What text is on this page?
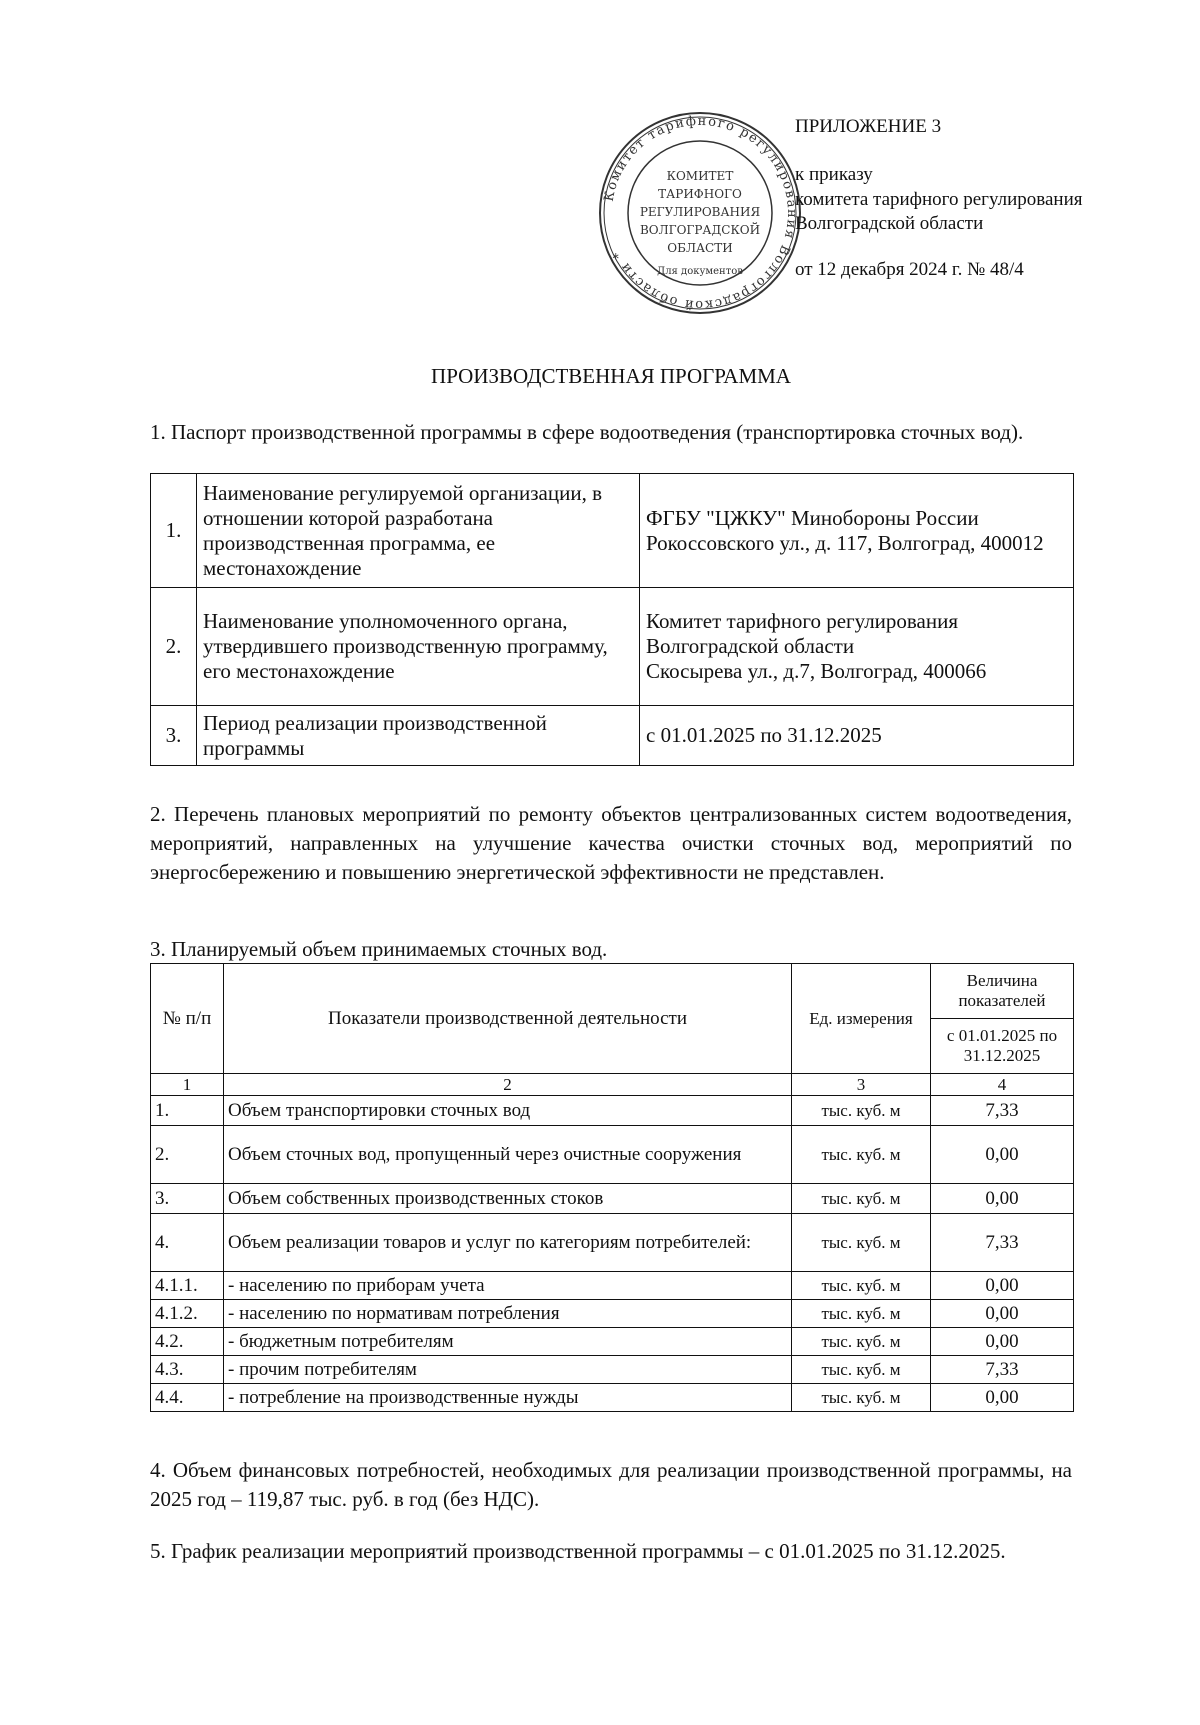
Комитет тарифного регулирования Волгоградской области *
КОМИТЕТ
ТАРИФНОГО
РЕГУЛИРОВАНИЯ
ВОЛГОГРАДСКОЙ
ОБЛАСТИ
Для документов
ПРИЛОЖЕНИЕ 3
к приказу
комитета тарифного регулирования
Волгоградской области
от 12 декабря 2024 г. № 48/4
ПРОИЗВОДСТВЕННАЯ ПРОГРАММА
1. Паспорт производственной программы в сфере водоотведения (транспортировка сточных вод).
1.	Наименование регулируемой организации, в отношении которой разработана производственная программа, ее местонахождение	ФГБУ "ЦЖКУ" Минобороны России
Рокоссовского ул., д. 117, Волгоград, 400012

2.	Наименование уполномоченного органа, утвердившего производственную программу, его местонахождение	Комитет тарифного регулирования
Волгоградской области
Скосырева ул., д.7, Волгоград, 400066

3.	Период реализации производственной программы	с 01.01.2025 по 31.12.2025
2. Перечень плановых мероприятий по ремонту объектов централизованных систем водоотведения, мероприятий, направленных на улучшение качества очистки сточных вод, мероприятий по энергосбережению и повышению энергетической эффективности не представлен.
3. Планируемый объем принимаемых сточных вод.
№ п/п	Показатели производственной деятельности	Ед. измерения	Величина показателей
			с 01.01.2025 по 31.12.2025
1	2	3	4
1.	Объем транспортировки сточных вод	тыс. куб. м	7,33
2.	Объем сточных вод, пропущенный через очистные сооружения	тыс. куб. м	0,00
3.	Объем собственных производственных стоков	тыс. куб. м	0,00
4.	Объем реализации товаров и услуг по категориям потребителей:	тыс. куб. м	7,33
4.1.1.	- населению по приборам учета	тыс. куб. м	0,00
4.1.2.	- населению по нормативам потребления	тыс. куб. м	0,00
4.2.	- бюджетным потребителям	тыс. куб. м	0,00
4.3.	- прочим потребителям	тыс. куб. м	7,33
4.4.	- потребление на производственные нужды	тыс. куб. м	0,00
4. Объем финансовых потребностей, необходимых для реализации производственной программы, на 2025 год – 119,87 тыс. руб. в год (без НДС).
5. График реализации мероприятий производственной программы – с 01.01.2025 по 31.12.2025.
